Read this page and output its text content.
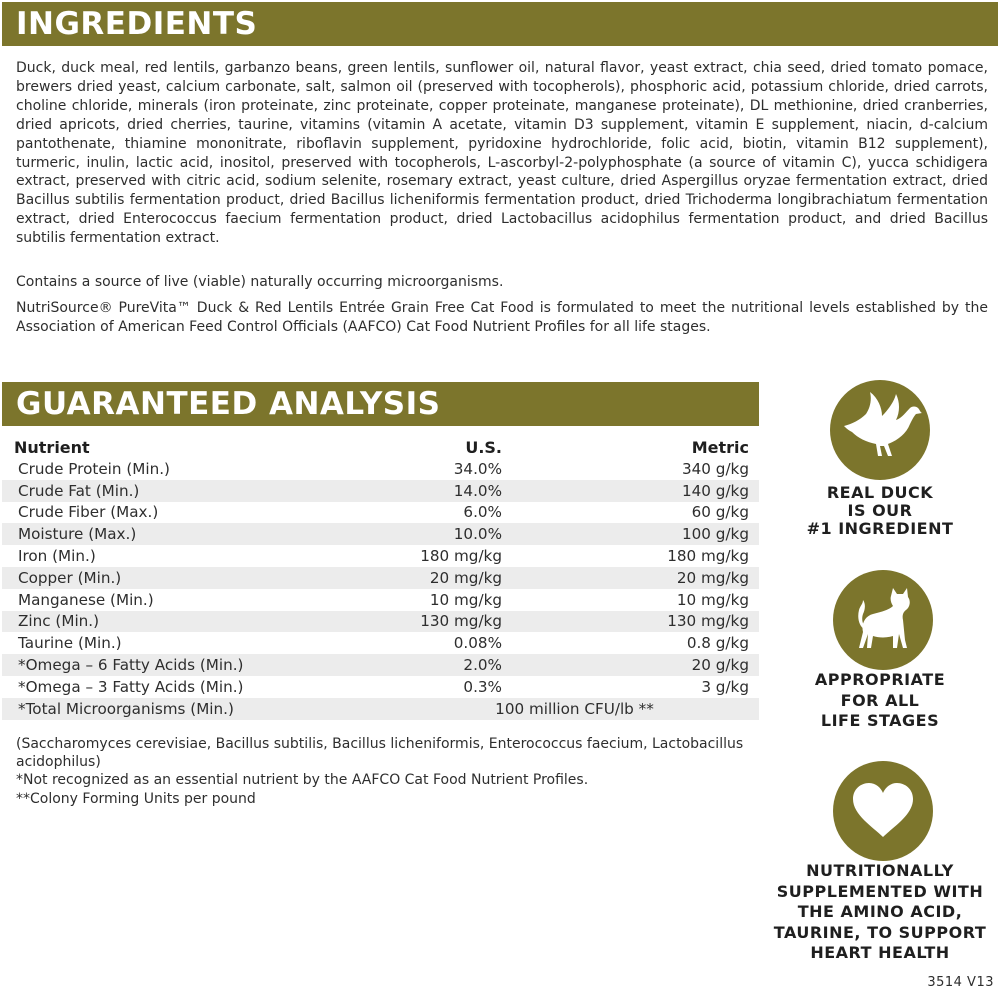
INGREDIENTS

Duck, duck meal, red lentils, garbanzo beans, green lentils, sunflower oil, natural flavor, yeast extract, chia seed, dried tomato pomace, brewers dried yeast, calcium carbonate, salt, salmon oil (preserved with tocopherols), phosphoric acid, potassium chloride, dried carrots, choline chloride, minerals (iron proteinate, zinc proteinate, copper proteinate, manganese proteinate), DL methionine, dried cranberries, dried apricots, dried cherries, taurine, vitamins (vitamin A acetate, vitamin D3 supplement, vitamin E supplement, niacin, d-calcium pantothenate, thiamine mononitrate, riboflavin supplement, pyridoxine hydrochloride, folic acid, biotin, vitamin B12 supplement), turmeric, inulin, lactic acid, inositol, preserved with tocopherols, L-ascorbyl-2-polyphosphate (a source of vitamin C), yucca schidigera extract, preserved with citric acid, sodium selenite, rosemary extract, yeast culture, dried Aspergillus oryzae fermentation extract, dried Bacillus subtilis fermentation product, dried Bacillus licheniformis fermentation product, dried Trichoderma longibrachiatum fermentation extract, dried Enterococcus faecium fermentation product, dried Lactobacillus acidophilus fermentation product, and dried Bacillus subtilis fermentation extract.

Contains a source of live (viable) naturally occurring microorganisms.

NutriSource® PureVita™ Duck & Red Lentils Entrée Grain Free Cat Food is formulated to meet the nutritional levels established by the Association of American Feed Control Officials (AAFCO) Cat Food Nutrient Profiles for all life stages.

GUARANTEED ANALYSIS
Nutrient	U.S.	Metric
Crude Protein (Min.)	34.0%	340 g/kg
Crude Fat (Min.)	14.0%	140 g/kg
Crude Fiber (Max.)	6.0%	60 g/kg
Moisture (Max.)	10.0%	100 g/kg
Iron (Min.)	180 mg/kg	180 mg/kg
Copper (Min.)	20 mg/kg	20 mg/kg
Manganese (Min.)	10 mg/kg	10 mg/kg
Zinc (Min.)	130 mg/kg	130 mg/kg
Taurine (Min.)	0.08%	0.8 g/kg
*Omega – 6 Fatty Acids (Min.)	2.0%	20 g/kg
*Omega – 3 Fatty Acids (Min.)	0.3%	3 g/kg
*Total Microorganisms (Min.)	100 million CFU/lb **	

(Saccharomyces cerevisiae, Bacillus subtilis, Bacillus licheniformis, Enterococcus faecium, Lactobacillus acidophilus)

*Not recognized as an essential nutrient by the AAFCO Cat Food Nutrient Profiles.

**Colony Forming Units per pound

REAL DUCK
IS OUR
#1 INGREDIENT
APPROPRIATE
FOR ALL
LIFE STAGES
NUTRITIONALLY
SUPPLEMENTED WITH
THE AMINO ACID,
TAURINE, TO SUPPORT
HEART HEALTH
3514 V13
